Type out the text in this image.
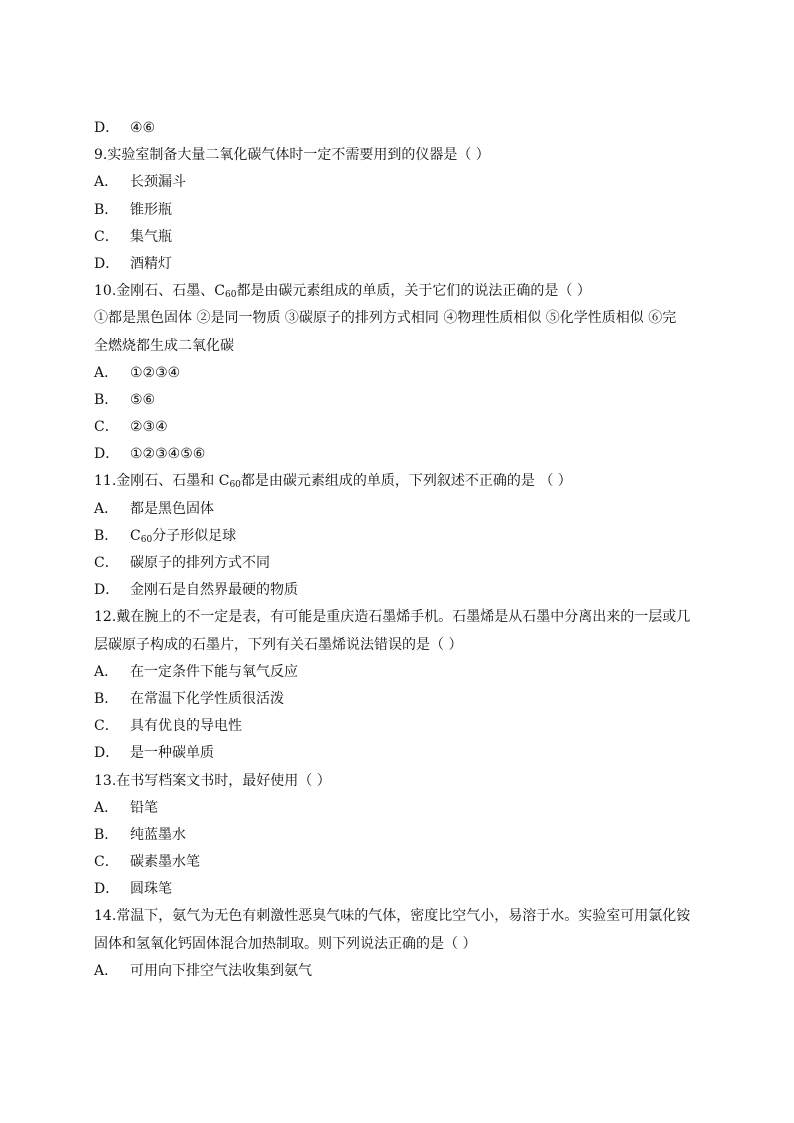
D． ④⑥
9.实验室制备大量二氧化碳气体时一定不需要用到的仪器是（ ）
A． 长颈漏斗
B． 锥形瓶
C． 集气瓶
D． 酒精灯
10.金刚石、石墨、$C_{60}$都是由碳元素组成的单质，关于它们的说法正确的是（ ）
①都是黑色固体 ②是同一物质 ③碳原子的排列方式相同 ④物理性质相似 ⑤化学性质相似 ⑥完
全燃烧都生成二氧化碳
A． ①②③④
B． ⑤⑥
C． ②③④
D． ①②③④⑤⑥
11.金刚石、石墨和 $C_{60}$都是由碳元素组成的单质，下列叙述不正确的是 （ ）
A． 都是黑色固体
B． $C_{60}$分子形似足球
C． 碳原子的排列方式不同
D． 金刚石是自然界最硬的物质
12.戴在腕上的不一定是表，有可能是重庆造石墨烯手机。石墨烯是从石墨中分离出来的一层或几
层碳原子构成的石墨片，下列有关石墨烯说法错误的是（ ）
A． 在一定条件下能与氧气反应
B． 在常温下化学性质很活泼
C． 具有优良的导电性
D． 是一种碳单质
13.在书写档案文书时，最好使用（ ）
A． 铅笔
B． 纯蓝墨水
C． 碳素墨水笔
D． 圆珠笔
14.常温下，氨气为无色有刺激性恶臭气味的气体，密度比空气小，易溶于水。实验室可用氯化铵
固体和氢氧化钙固体混合加热制取。则下列说法正确的是（ ）
A． 可用向下排空气法收集到氨气
